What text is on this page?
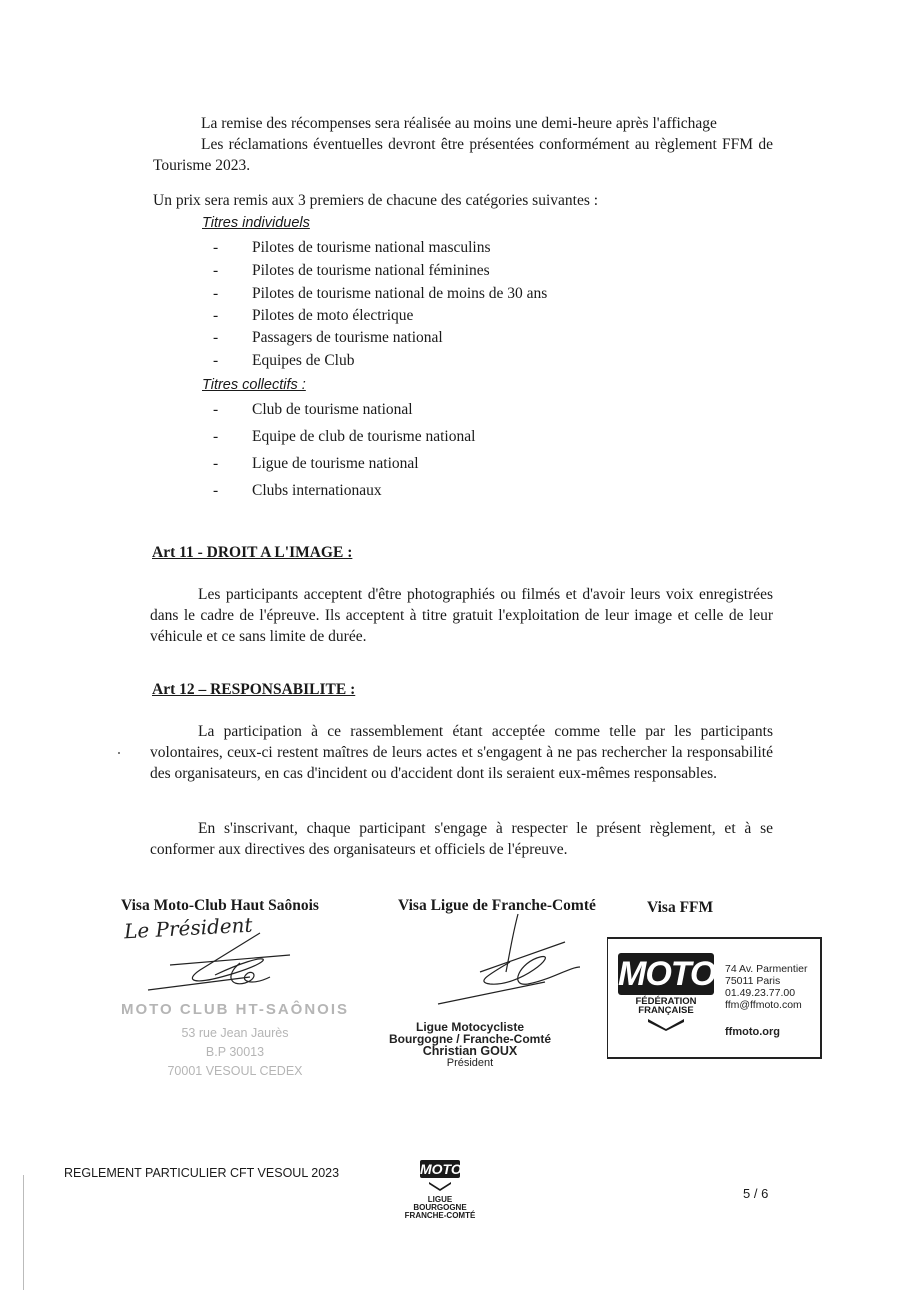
La remise des récompenses sera réalisée au moins une demi-heure après l'affichage
Les réclamations éventuelles devront être présentées conformément au règlement FFM de Tourisme 2023.
Un prix sera remis aux 3 premiers de chacune des catégories suivantes :
Titres individuels
-	Pilotes de tourisme national masculins
-	Pilotes de tourisme national féminines
-	Pilotes de tourisme national de moins de 30 ans
-	Pilotes de moto électrique
-	Passagers de tourisme national
-	Equipes de Club
Titres collectifs :
-	Club de tourisme national
-	Equipe de club de tourisme national
-	Ligue de tourisme national
-	Clubs internationaux
Art 11 - DROIT A L'IMAGE :
Les participants acceptent d'être photographiés ou filmés et d'avoir leurs voix enregistrées dans le cadre de l'épreuve. Ils acceptent à titre gratuit l'exploitation de leur image et celle de leur véhicule et ce sans limite de durée.
Art 12 – RESPONSABILITE :
La participation à ce rassemblement étant acceptée comme telle par les participants volontaires, ceux-ci restent maîtres de leurs actes et s'engagent à ne pas rechercher la responsabilité des organisateurs, en cas d'incident ou d'accident dont ils seraient eux-mêmes responsables.
En s'inscrivant, chaque participant s'engage à respecter le présent règlement, et à se conformer aux directives des organisateurs et officiels de l'épreuve.
Visa Moto-Club Haut Saônois	Visa Ligue de Franche-Comté	Visa FFM
Le Président
MOTO CLUB HT-SAÔNOIS
53 rue Jean Jaurès
B.P 30013
70001 VESOUL CEDEX
Ligue Motocycliste
Bourgogne / Franche-Comté
Christian GOUX
Président
MOTO
FÉDÉRATION
FRANÇAISE
74 Av. Parmentier
75011 Paris
01.49.23.77.00
ffm@ffmoto.com
ffmoto.org
REGLEMENT PARTICULIER CFT VESOUL 2023	MOTO
LIGUE
BOURGOGNE
FRANCHE-COMTÉ
5 / 6
